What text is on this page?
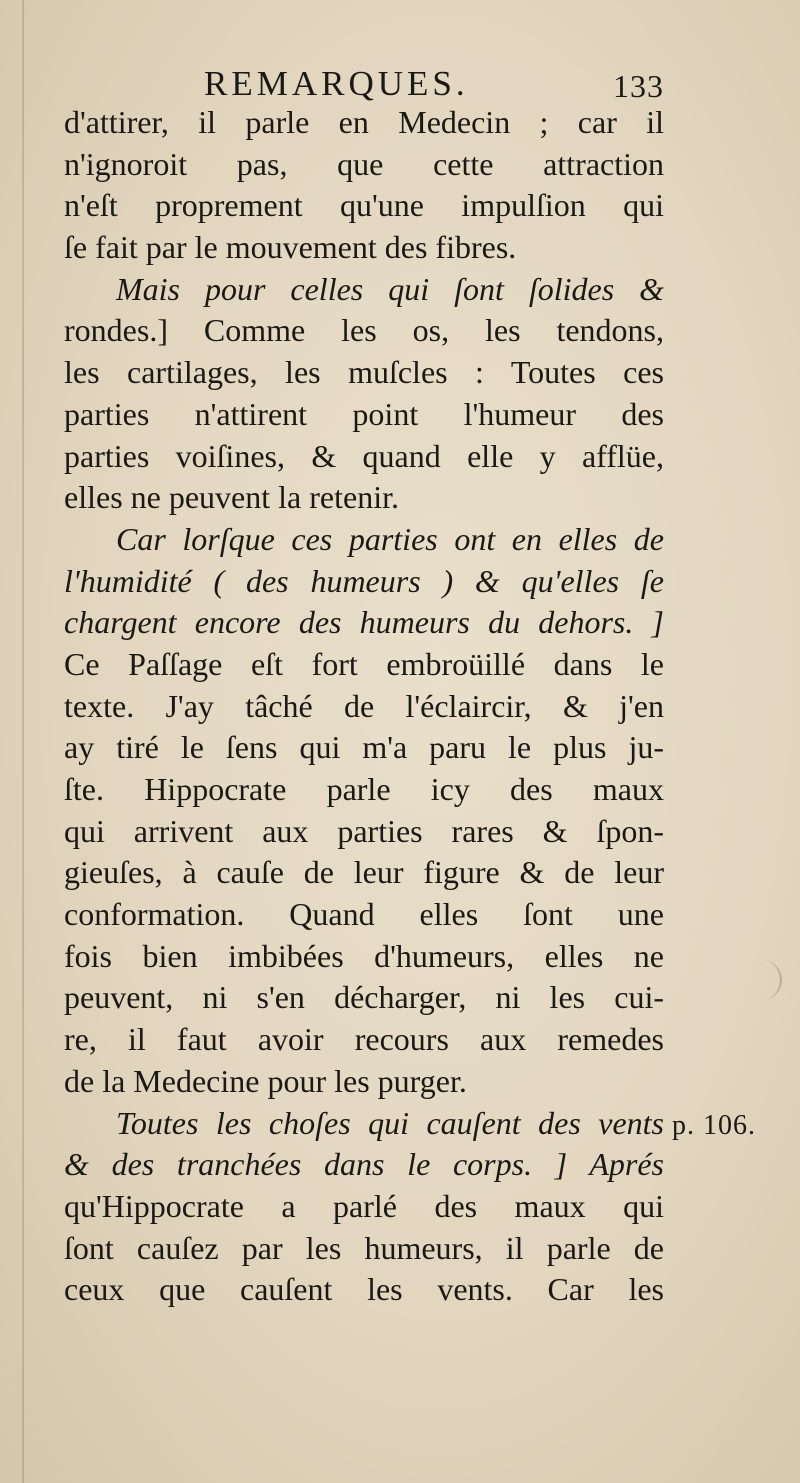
REMARQUES.	133
d'attirer, il parle en Medecin ; car il
n'ignoroit pas, que cette attraction
n'eſt proprement qu'une impulſion qui
ſe fait par le mouvement des fibres.
Mais pour celles qui ſont ſolides &
rondes.] Comme les os, les tendons,
les cartilages, les muſcles : Toutes ces
parties n'attirent point l'humeur des
parties voiſines, & quand elle y afflüe,
elles ne peuvent la retenir.
Car lorſque ces parties ont en elles de
l'humidité ( des humeurs ) & qu'elles ſe
chargent encore des humeurs du dehors. ]
Ce Paſſage eſt fort embroüillé dans le
texte. J'ay tâché de l'éclaircir, & j'en
ay tiré le ſens qui m'a paru le plus ju-
ſte. Hippocrate parle icy des maux
qui arrivent aux parties rares & ſpon-
gieuſes, à cauſe de leur figure & de leur
conformation. Quand elles ſont une
fois bien imbibées d'humeurs, elles ne
peuvent, ni s'en décharger, ni les cui-
re, il faut avoir recours aux remedes
de la Medecine pour les purger.
Toutes les choſes qui cauſent des vents
& des tranchées dans le corps. ] Aprés
qu'Hippocrate a parlé des maux qui
ſont cauſez par les humeurs, il parle de
ceux que cauſent les vents. Car les
p. 106.
